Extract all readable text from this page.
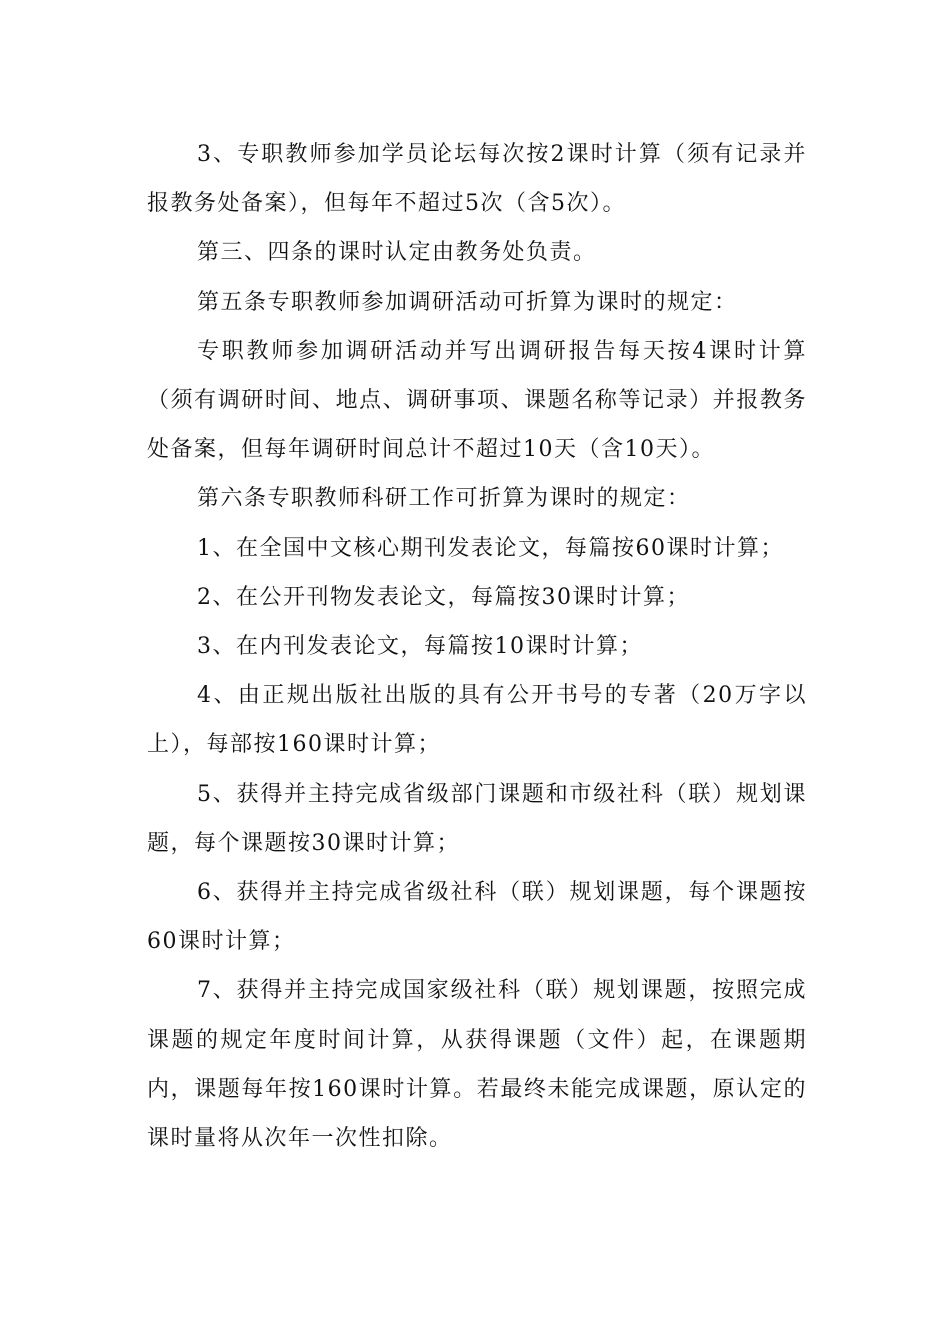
3、专职教师参加学员论坛每次按2课时计算（须有记录并报教务处备案），但每年不超过5次（含5次）。

第三、四条的课时认定由教务处负责。

第五条专职教师参加调研活动可折算为课时的规定：

专职教师参加调研活动并写出调研报告每天按4课时计算（须有调研时间、地点、调研事项、课题名称等记录）并报教务处备案，但每年调研时间总计不超过10天（含10天）。

第六条专职教师科研工作可折算为课时的规定：

1、在全国中文核心期刊发表论文，每篇按60课时计算；

2、在公开刊物发表论文，每篇按30课时计算；

3、在内刊发表论文，每篇按10课时计算；

4、由正规出版社出版的具有公开书号的专著（20万字以上），每部按160课时计算；

5、获得并主持完成省级部门课题和市级社科（联）规划课题，每个课题按30课时计算；

6、获得并主持完成省级社科（联）规划课题，每个课题按60课时计算；

7、获得并主持完成国家级社科（联）规划课题，按照完成课题的规定年度时间计算，从获得课题（文件）起，在课题期内，课题每年按160课时计算。若最终未能完成课题，原认定的课时量将从次年一次性扣除。
